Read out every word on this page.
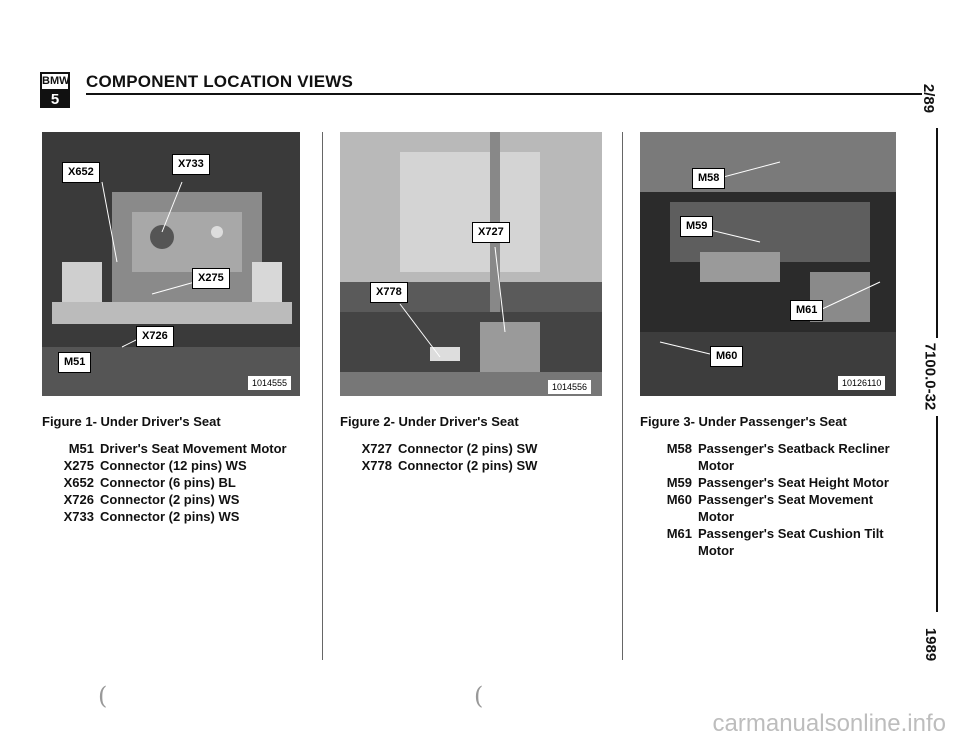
BMW
5
COMPONENT LOCATION VIEWS
X652
X733
X275
X726
M51
1014555
X727
X778
1014556
M58
M59
M61
M60
10126110
Figure 1- Under Driver's Seat	Figure 2- Under Driver's Seat	Figure 3- Under Passenger's Seat
M51 Driver's Seat Movement Motor
X275 Connector (12 pins) WS
X652 Connector (6 pins) BL
X726 Connector (2 pins) WS
X733 Connector (2 pins) WS
X727 Connector (2 pins) SW
X778 Connector (2 pins) SW
M58 Passenger's Seatback Recliner Motor
M59 Passenger's Seat Height Motor
M60 Passenger's Seat Movement Motor
M61 Passenger's Seat Cushion Tilt Motor
2/89
7100.0-32
1989
(	(
carmanualsonline.info
